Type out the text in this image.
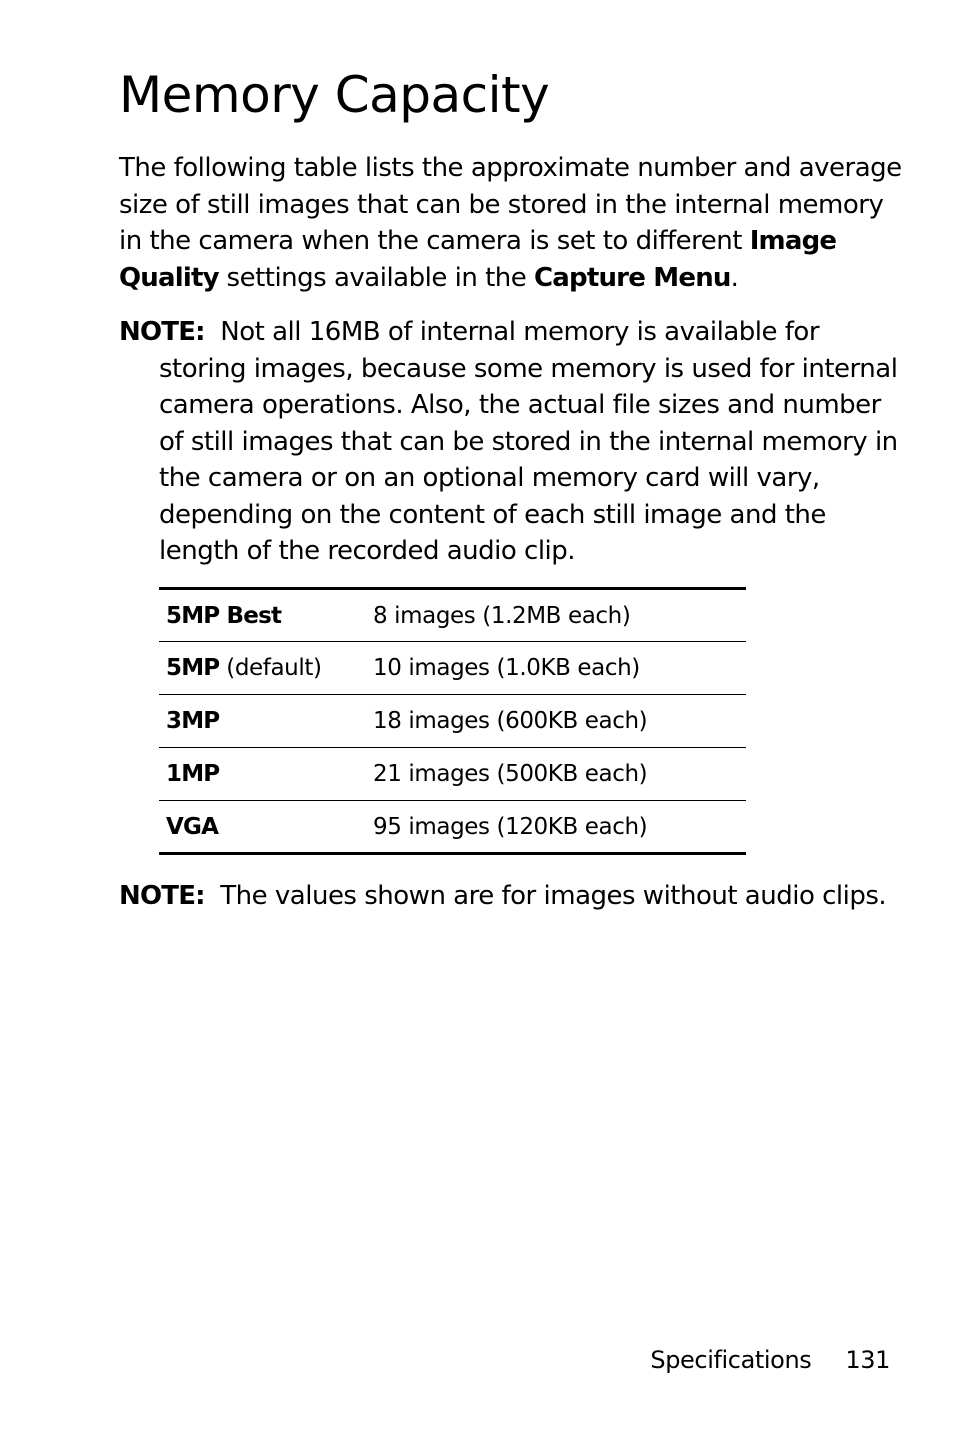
Memory Capacity

The following table lists the approximate number and average size of still images that can be stored in the internal memory in the camera when the camera is set to different Image Quality settings available in the Capture Menu.

NOTE: Not all 16MB of internal memory is available for
storing images, because some memory is used for internal camera operations. Also, the actual file sizes and number of still images that can be stored in the internal memory in the camera or on an optional memory card will vary, depending on the content of each still image and the length of the recorded audio clip.

5MP Best	8 images (1.2MB each)
5MP (default)	10 images (1.0KB each)
3MP	18 images (600KB each)
1MP	21 images (500KB each)
VGA	95 images (120KB each)

NOTE: The values shown are for images without audio clips.

Specifications 131
